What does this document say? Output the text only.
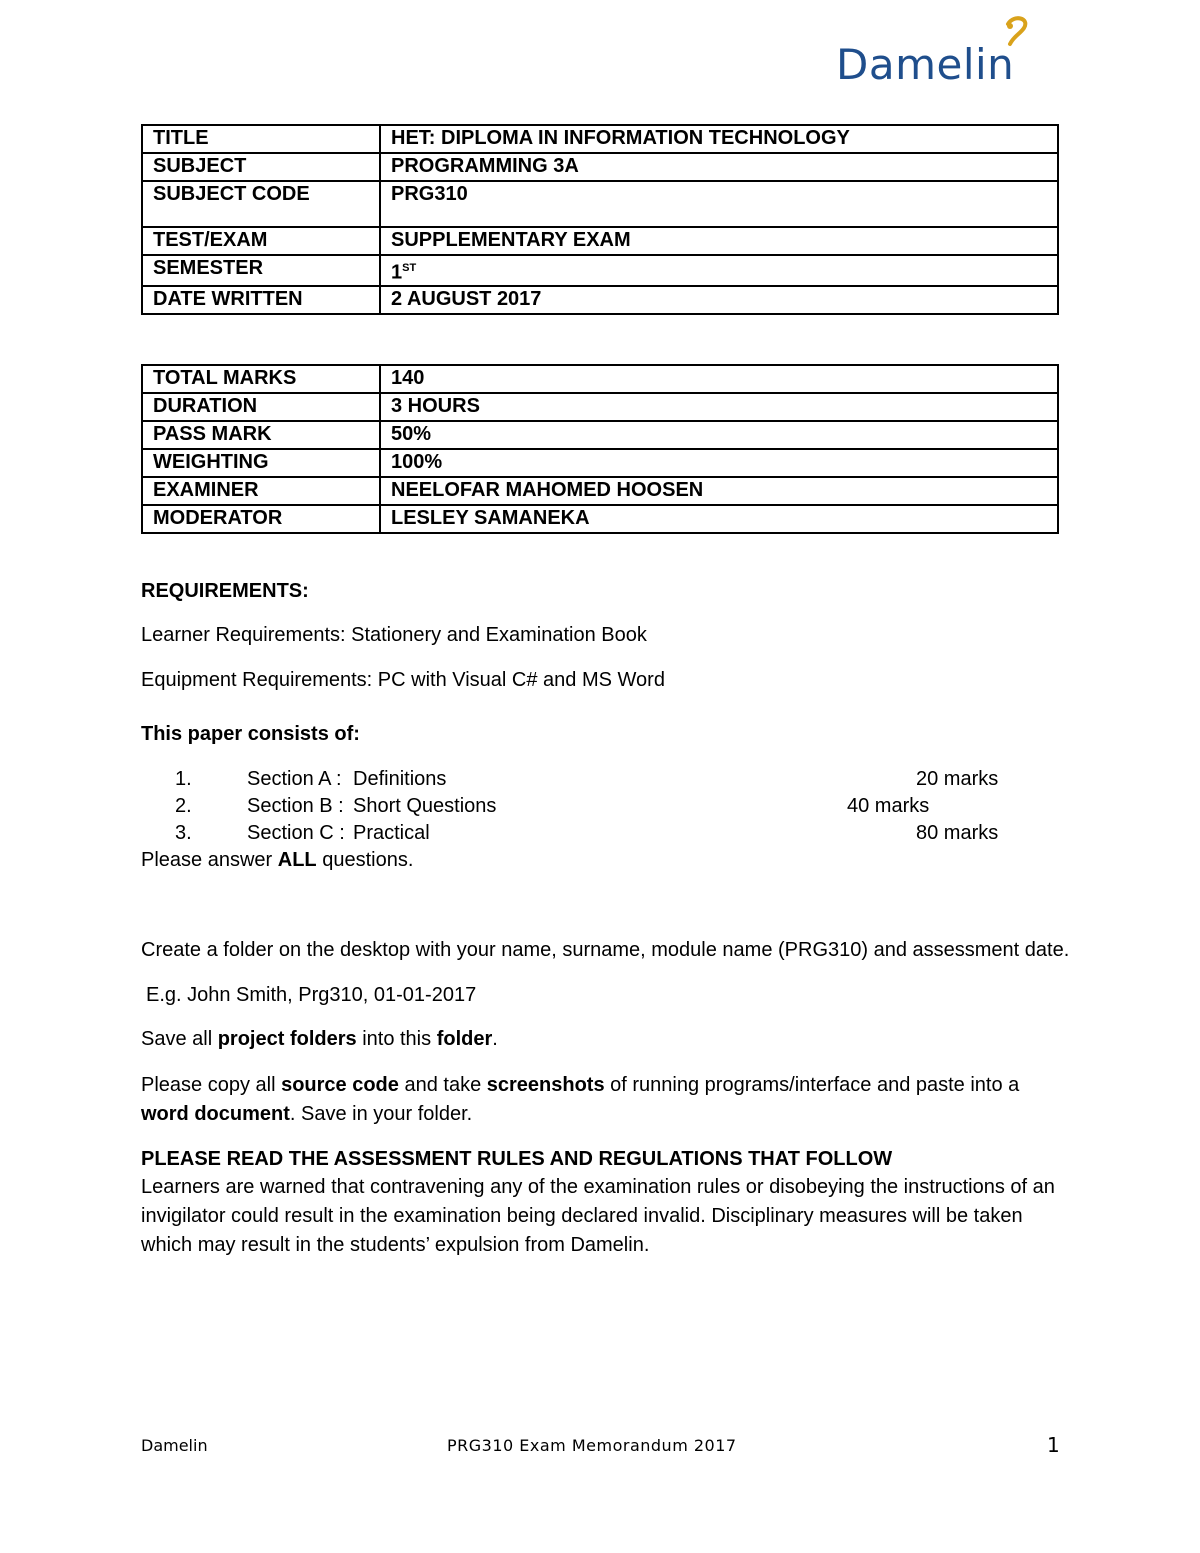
Damelin
TITLE	HET: DIPLOMA IN INFORMATION TECHNOLOGY
SUBJECT	PROGRAMMING 3A
SUBJECT CODE	PRG310
TEST/EXAM	SUPPLEMENTARY EXAM
SEMESTER	1ST
DATE WRITTEN	2 AUGUST 2017
TOTAL MARKS	140
DURATION	3 HOURS
PASS MARK	50%
WEIGHTING	100%
EXAMINER	NEELOFAR MAHOMED HOOSEN
MODERATOR	LESLEY SAMANEKA
REQUIREMENTS:
Learner Requirements: Stationery and Examination Book
Equipment Requirements: PC with Visual C# and MS Word
This paper consists of:
1.	Section A : Definitions	20 marks
2.	Section B : Short Questions	40 marks
3.	Section C : Practical	80 marks
Please answer ALL questions.
Create a folder on the desktop with your name, surname, module name (PRG310) and assessment date.
E.g. John Smith, Prg310, 01-01-2017
Save all project folders into this folder.
Please copy all source code and take screenshots of running programs/interface and paste into a word document. Save in your folder.
PLEASE READ THE ASSESSMENT RULES AND REGULATIONS THAT FOLLOW
Learners are warned that contravening any of the examination rules or disobeying the instructions of an invigilator could result in the examination being declared invalid. Disciplinary measures will be taken which may result in the students’ expulsion from Damelin.
Damelin	PRG310 Exam Memorandum 2017	1
